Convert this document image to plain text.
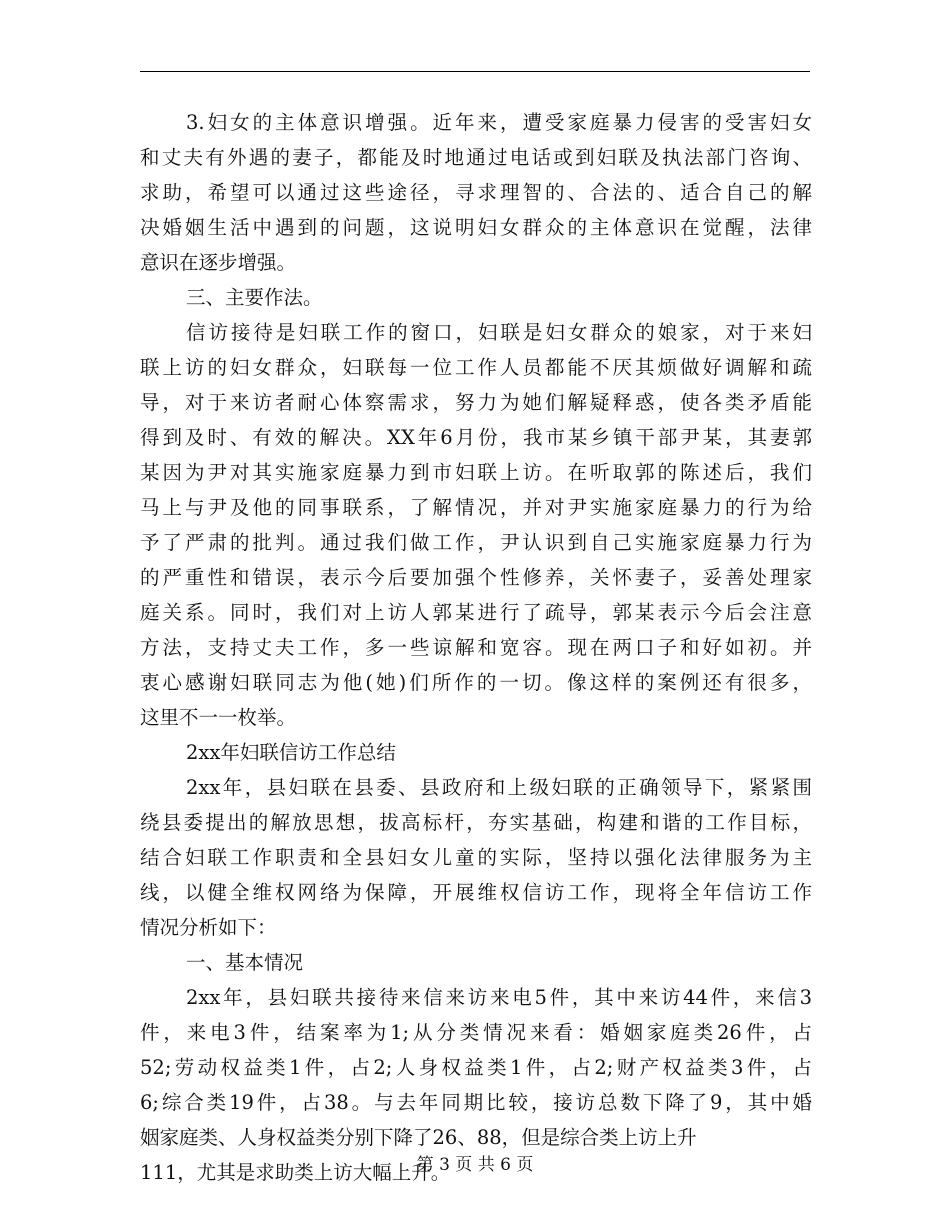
3.妇女的主体意识增强。近年来，遭受家庭暴力侵害的受害妇女
和丈夫有外遇的妻子，都能及时地通过电话或到妇联及执法部门咨询、
求助，希望可以通过这些途径，寻求理智的、合法的、适合自己的解
决婚姻生活中遇到的问题，这说明妇女群众的主体意识在觉醒，法律
意识在逐步增强。
三、主要作法。
信访接待是妇联工作的窗口，妇联是妇女群众的娘家，对于来妇
联上访的妇女群众，妇联每一位工作人员都能不厌其烦做好调解和疏
导，对于来访者耐心体察需求，努力为她们解疑释惑，使各类矛盾能
得到及时、有效的解决。XX年6月份，我市某乡镇干部尹某，其妻郭
某因为尹对其实施家庭暴力到市妇联上访。在听取郭的陈述后，我们
马上与尹及他的同事联系，了解情况，并对尹实施家庭暴力的行为给
予了严肃的批判。通过我们做工作，尹认识到自己实施家庭暴力行为
的严重性和错误，表示今后要加强个性修养，关怀妻子，妥善处理家
庭关系。同时，我们对上访人郭某进行了疏导，郭某表示今后会注意
方法，支持丈夫工作，多一些谅解和宽容。现在两口子和好如初。并
衷心感谢妇联同志为他(她)们所作的一切。像这样的案例还有很多，
这里不一一枚举。
2xx年妇联信访工作总结
2xx年，县妇联在县委、县政府和上级妇联的正确领导下，紧紧围
绕县委提出的解放思想，拔高标杆，夯实基础，构建和谐的工作目标，
结合妇联工作职责和全县妇女儿童的实际，坚持以强化法律服务为主
线，以健全维权网络为保障，开展维权信访工作，现将全年信访工作
情况分析如下：
一、基本情况
2xx年，县妇联共接待来信来访来电5件，其中来访44件，来信3
件，来电3件，结案率为1;从分类情况来看：婚姻家庭类26件，占
52;劳动权益类1件，占2;人身权益类1件，占2;财产权益类3件，占
6;综合类19件，占38。与去年同期比较，接访总数下降了9，其中婚
姻家庭类、人身权益类分别下降了26、88，但是综合类上访上升
111，尤其是求助类上访大幅上升。
第 3 页 共 6 页
